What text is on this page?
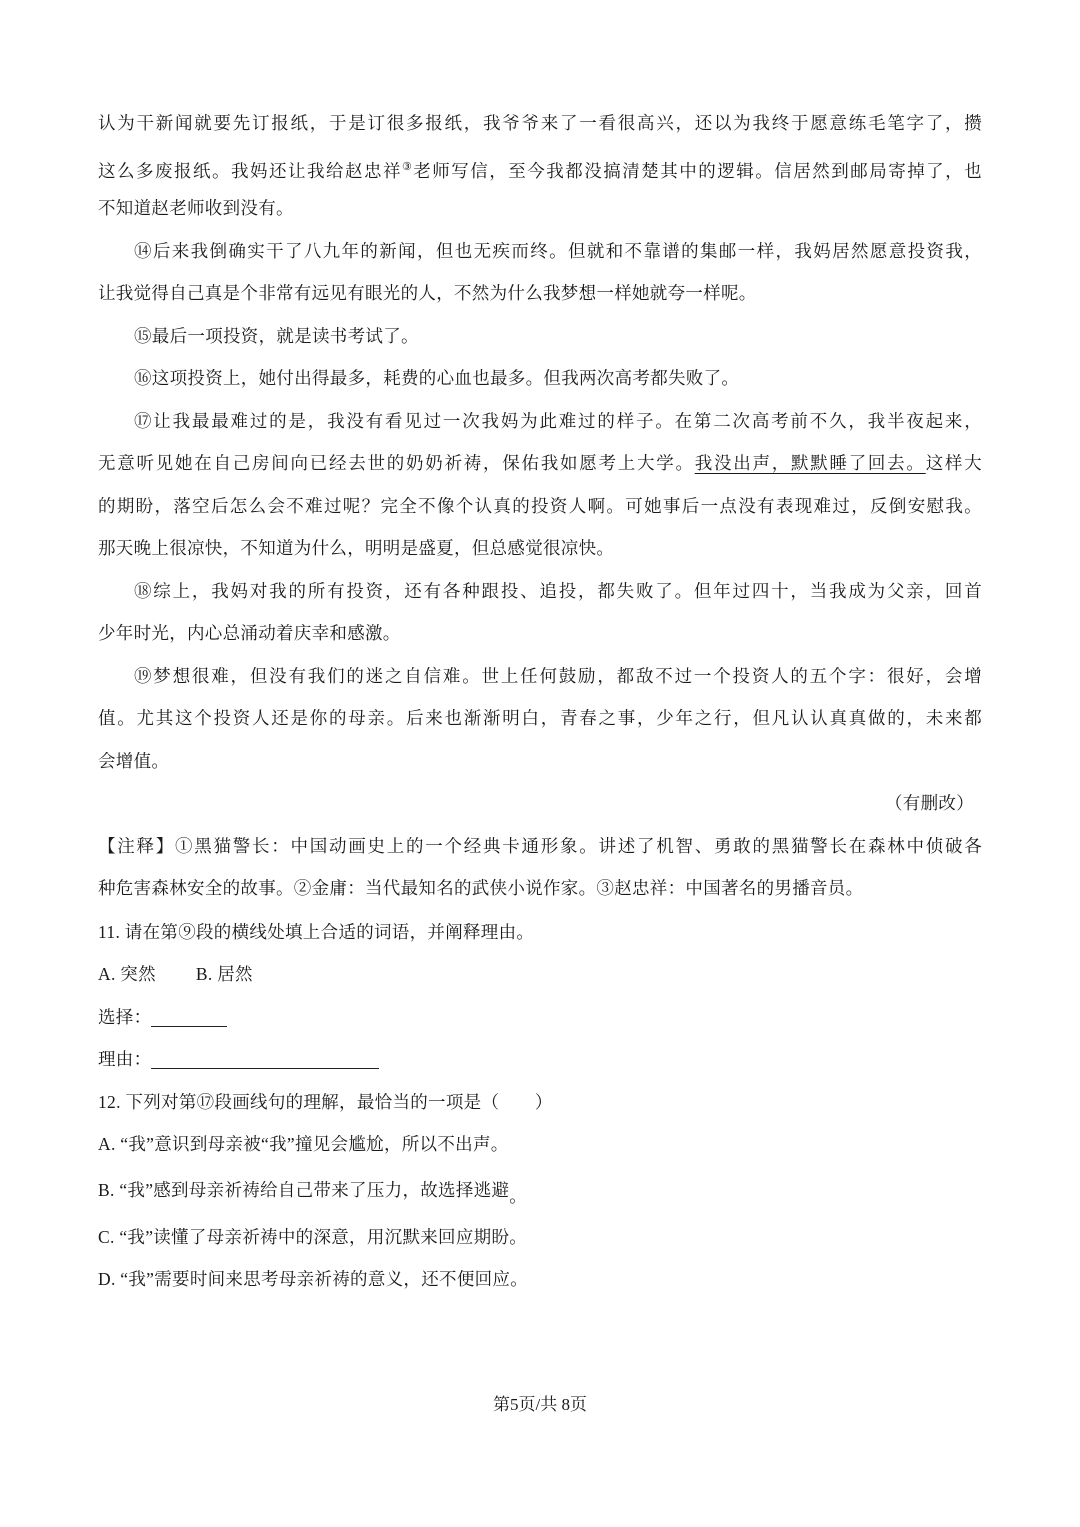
认为干新闻就要先订报纸，于是订很多报纸，我爷爷来了一看很高兴，还以为我终于愿意练毛笔字了，攒
这么多废报纸。我妈还让我给赵忠祥③老师写信，至今我都没搞清楚其中的逻辑。信居然到邮局寄掉了，也
不知道赵老师收到没有。
⑭后来我倒确实干了八九年的新闻，但也无疾而终。但就和不靠谱的集邮一样，我妈居然愿意投资我，
让我觉得自己真是个非常有远见有眼光的人，不然为什么我梦想一样她就夸一样呢。
⑮最后一项投资，就是读书考试了。
⑯这项投资上，她付出得最多，耗费的心血也最多。但我两次高考都失败了。
⑰让我最最难过的是，我没有看见过一次我妈为此难过的样子。在第二次高考前不久，我半夜起来，
无意听见她在自己房间向已经去世的奶奶祈祷，保佑我如愿考上大学。我没出声，默默睡了回去。这样大
的期盼，落空后怎么会不难过呢？完全不像个认真的投资人啊。可她事后一点没有表现难过，反倒安慰我。
那天晚上很凉快，不知道为什么，明明是盛夏，但总感觉很凉快。
⑱综上，我妈对我的所有投资，还有各种跟投、追投，都失败了。但年过四十，当我成为父亲，回首
少年时光，内心总涌动着庆幸和感激。
⑲梦想很难，但没有我们的迷之自信难。世上任何鼓励，都敌不过一个投资人的五个字：很好，会增
值。尤其这个投资人还是你的母亲。后来也渐渐明白，青春之事，少年之行，但凡认认真真做的，未来都
会增值。
（有删改）
【注释】①黑猫警长：中国动画史上的一个经典卡通形象。讲述了机智、勇敢的黑猫警长在森林中侦破各
种危害森林安全的故事。②金庸：当代最知名的武侠小说作家。③赵忠祥：中国著名的男播音员。
11. 请在第⑨段的横线处填上合适的词语，并阐释理由。
A. 突然 B. 居然
选择：
理由：
12. 下列对第⑰段画线句的理解，最恰当的一项是（　　）
A. “我”意识到母亲被“我”撞见会尴尬，所以不出声。
B. “我”感到母亲祈祷给自己带来了压力，故选择逃避。
C. “我”读懂了母亲祈祷中的深意，用沉默来回应期盼。
D. “我”需要时间来思考母亲祈祷的意义，还不便回应。
第5页/共 8页
